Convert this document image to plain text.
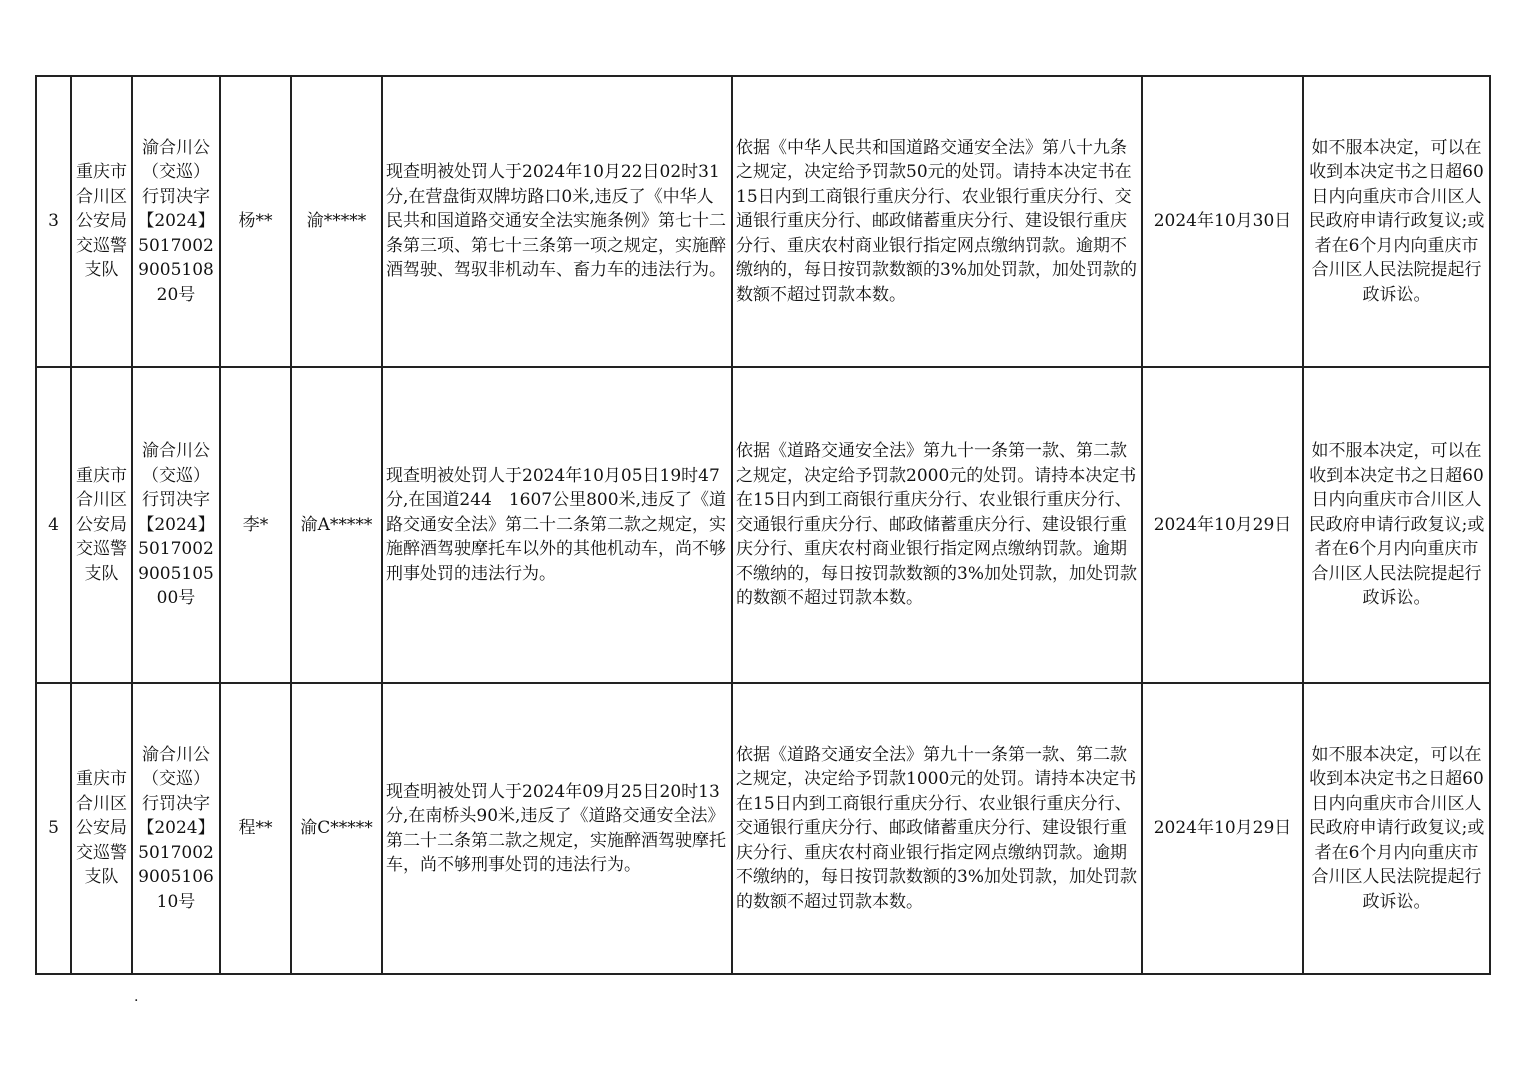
3	重庆市合川区公安局交巡警支队	渝合川公（交巡）行罚决字【2024】5017002900510820号	杨**	渝*****	现查明被处罚人于2024年10月22日02时31分,在营盘街双牌坊路口0米,违反了《中华人民共和国道路交通安全法实施条例》第七十二条第三项、第七十三条第一项之规定，实施醉酒驾驶、驾驭非机动车、畜力车的违法行为。	依据《中华人民共和国道路交通安全法》第八十九条之规定，决定给予罚款50元的处罚。请持本决定书在15日内到工商银行重庆分行、农业银行重庆分行、交通银行重庆分行、邮政储蓄重庆分行、建设银行重庆分行、重庆农村商业银行指定网点缴纳罚款。逾期不缴纳的，每日按罚款数额的3%加处罚款，加处罚款的数额不超过罚款本数。	2024年10月30日	如不服本决定，可以在收到本决定书之日超60日内向重庆市合川区人民政府申请行政复议;或者在6个月内向重庆市合川区人民法院提起行政诉讼。
4	重庆市合川区公安局交巡警支队	渝合川公（交巡）行罚决字【2024】5017002900510500号	李*	渝A*****	现查明被处罚人于2024年10月05日19时47分,在国道244　1607公里800米,违反了《道路交通安全法》第二十二条第二款之规定，实施醉酒驾驶摩托车以外的其他机动车，尚不够刑事处罚的违法行为。	依据《道路交通安全法》第九十一条第一款、第二款之规定，决定给予罚款2000元的处罚。请持本决定书在15日内到工商银行重庆分行、农业银行重庆分行、交通银行重庆分行、邮政储蓄重庆分行、建设银行重庆分行、重庆农村商业银行指定网点缴纳罚款。逾期不缴纳的，每日按罚款数额的3%加处罚款，加处罚款的数额不超过罚款本数。	2024年10月29日	如不服本决定，可以在收到本决定书之日超60日内向重庆市合川区人民政府申请行政复议;或者在6个月内向重庆市合川区人民法院提起行政诉讼。
5	重庆市合川区公安局交巡警支队	渝合川公（交巡）行罚决字【2024】5017002900510610号	程**	渝C*****	现查明被处罚人于2024年09月25日20时13分,在南桥头90米,违反了《道路交通安全法》第二十二条第二款之规定，实施醉酒驾驶摩托车，尚不够刑事处罚的违法行为。	依据《道路交通安全法》第九十一条第一款、第二款之规定，决定给予罚款1000元的处罚。请持本决定书在15日内到工商银行重庆分行、农业银行重庆分行、交通银行重庆分行、邮政储蓄重庆分行、建设银行重庆分行、重庆农村商业银行指定网点缴纳罚款。逾期不缴纳的，每日按罚款数额的3%加处罚款，加处罚款的数额不超过罚款本数。	2024年10月29日	如不服本决定，可以在收到本决定书之日超60日内向重庆市合川区人民政府申请行政复议;或者在6个月内向重庆市合川区人民法院提起行政诉讼。
.
